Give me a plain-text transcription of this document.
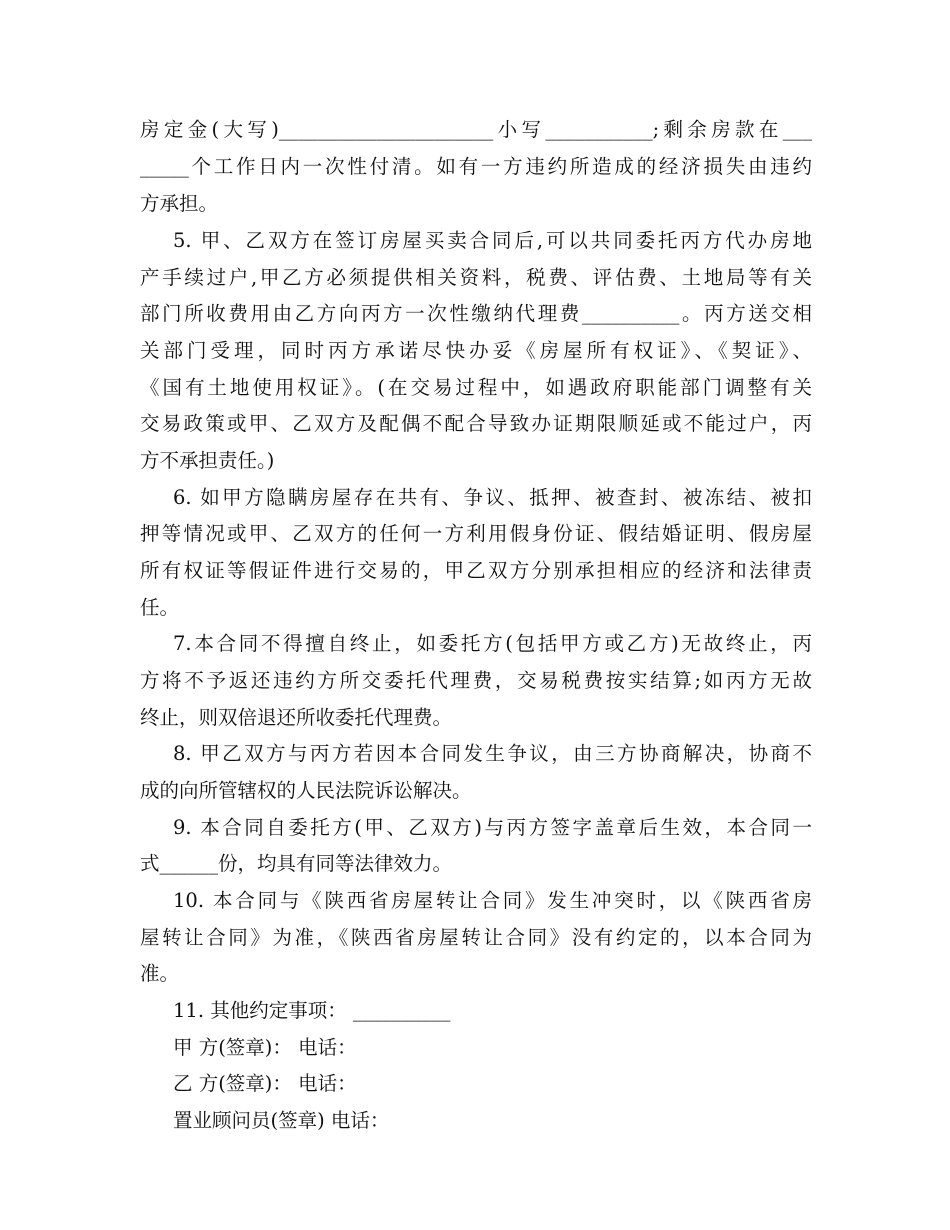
房定金(大写)______________________小写___________;剩余房款在___
_____个工作日内一次性付清。如有一方违约所造成的经济损失由违约
方承担。
5. 甲、乙双方在签订房屋买卖合同后,可以共同委托丙方代办房地
产手续过户,甲乙方必须提供相关资料，税费、评估费、土地局等有关
部门所收费用由乙方向丙方一次性缴纳代理费__________。丙方送交相
关部门受理，同时丙方承诺尽快办妥《房屋所有权证》、《契证》、
《国有土地使用权证》。(在交易过程中，如遇政府职能部门调整有关
交易政策或甲、乙双方及配偶不配合导致办证期限顺延或不能过户，丙
方不承担责任。)
6. 如甲方隐瞒房屋存在共有、争议、抵押、被查封、被冻结、被扣
押等情况或甲、乙双方的任何一方利用假身份证、假结婚证明、假房屋
所有权证等假证件进行交易的，甲乙双方分别承担相应的经济和法律责
任。
7.本合同不得擅自终止，如委托方(包括甲方或乙方)无故终止，丙
方将不予返还违约方所交委托代理费，交易税费按实结算;如丙方无故
终止，则双倍退还所收委托代理费。
8. 甲乙双方与丙方若因本合同发生争议，由三方协商解决，协商不
成的向所管辖权的人民法院诉讼解决。
9. 本合同自委托方(甲、乙双方)与丙方签字盖章后生效，本合同一
式______份，均具有同等法律效力。
10. 本合同与《陕西省房屋转让合同》发生冲突时，以《陕西省房
屋转让合同》为准，《陕西省房屋转让合同》没有约定的，以本合同为
准。
11. 其他约定事项： __________
甲 方(签章)： 电话：
乙 方(签章)： 电话：
置业顾问员(签章) 电话：
